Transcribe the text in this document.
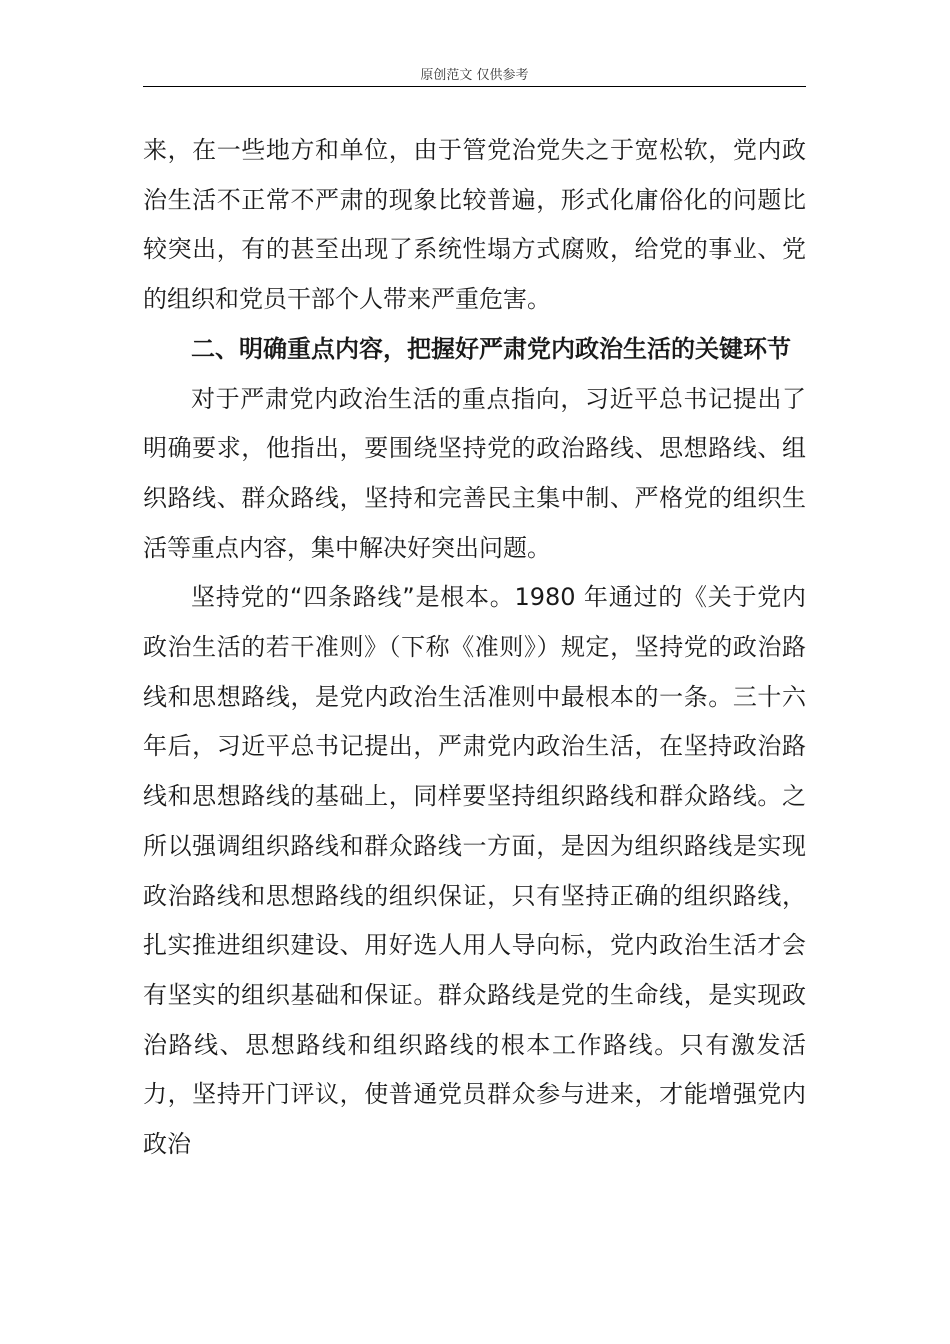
原创范文 仅供参考

来，在一些地方和单位，由于管党治党失之于宽松软，党内政治生活不正常不严肃的现象比较普遍，形式化庸俗化的问题比较突出，有的甚至出现了系统性塌方式腐败，给党的事业、党的组织和党员干部个人带来严重危害。

二、明确重点内容，把握好严肃党内政治生活的关键环节

对于严肃党内政治生活的重点指向，习近平总书记提出了明确要求，他指出，要围绕坚持党的政治路线、思想路线、组织路线、群众路线，坚持和完善民主集中制、严格党的组织生活等重点内容，集中解决好突出问题。

坚持党的“四条路线”是根本。1980 年通过的《关于党内政治生活的若干准则》（下称《准则》）规定，坚持党的政治路线和思想路线，是党内政治生活准则中最根本的一条。三十六年后，习近平总书记提出，严肃党内政治生活，在坚持政治路线和思想路线的基础上，同样要坚持组织路线和群众路线。之所以强调组织路线和群众路线一方面，是因为组织路线是实现政治路线和思想路线的组织保证，只有坚持正确的组织路线，扎实推进组织建设、用好选人用人导向标，党内政治生活才会有坚实的组织基础和保证。群众路线是党的生命线，是实现政治路线、思想路线和组织路线的根本工作路线。只有激发活力，坚持开门评议，使普通党员群众参与进来，才能增强党内政治
